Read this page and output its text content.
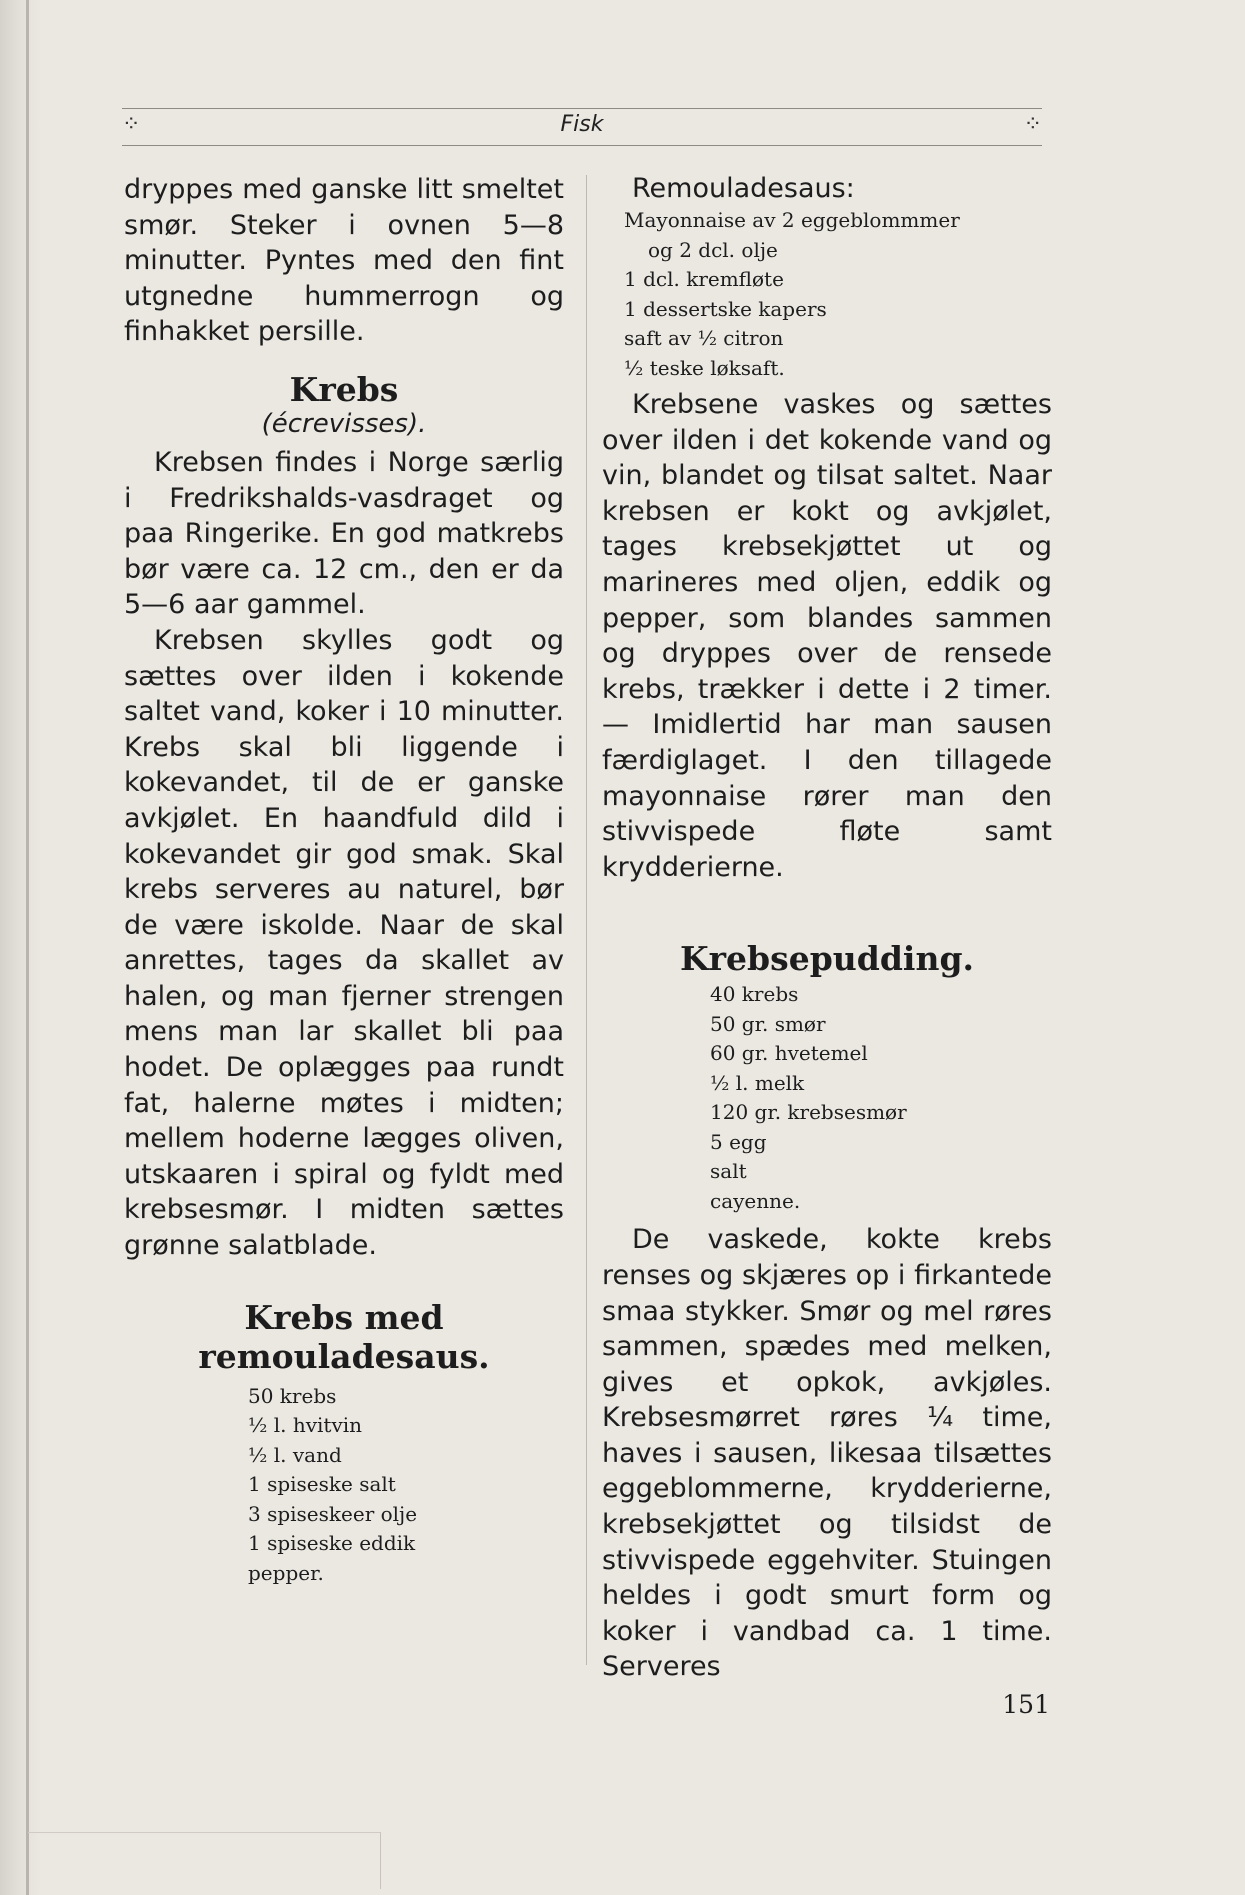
⁘	Fisk	⁘

dryppes med ganske litt smeltet smør. Steker i ovnen 5—8 minutter. Pyntes med den fint utgnedne hummerrogn og finhakket persille.

Krebs

(écrevisses).

Krebsen findes i Norge særlig i Fredrikshalds-vasdraget og paa Ringerike. En god matkrebs bør være ca. 12 cm., den er da 5—6 aar gammel.

Krebsen skylles godt og sættes over ilden i kokende saltet vand, koker i 10 minutter. Krebs skal bli liggende i kokevandet, til de er ganske avkjølet. En haandfuld dild i kokevandet gir god smak. Skal krebs serveres au naturel, bør de være iskolde. Naar de skal anrettes, tages da skallet av halen, og man fjerner strengen mens man lar skallet bli paa hodet. De oplægges paa rundt fat, halerne møtes i midten; mellem hoderne lægges oliven, utskaaren i spiral og fyldt med krebsesmør. I midten sættes grønne salatblade.

Krebs med remouladesaus.
50 krebs
½ l. hvitvin
½ l. vand
1 spiseske salt
3 spiseskeer olje
1 spiseske eddik
pepper.

Remouladesaus:

Mayonnaise av 2 eggeblommmer
og 2 dcl. olje
1 dcl. kremfløte
1 dessertske kapers
saft av ½ citron
½ teske løksaft.

Krebsene vaskes og sættes over ilden i det kokende vand og vin, blandet og tilsat saltet. Naar krebsen er kokt og avkjølet, tages krebsekjøttet ut og marineres med oljen, eddik og pepper, som blandes sammen og dryppes over de rensede krebs, trækker i dette i 2 timer. — Imidlertid har man sausen færdiglaget. I den tillagede mayonnaise rører man den stivvispede fløte samt krydderierne.

Krebsepudding.
40 krebs
50 gr. smør
60 gr. hvetemel
½ l. melk
120 gr. krebsesmør
5 egg
salt
cayenne.

De vaskede, kokte krebs renses og skjæres op i firkantede smaa stykker. Smør og mel røres sammen, spædes med melken, gives et opkok, avkjøles. Krebsesmørret røres ¼ time, haves i sausen, likesaa tilsættes eggeblommerne, krydderierne, krebsekjøttet og tilsidst de stivvispede eggehviter. Stuingen heldes i godt smurt form og koker i vandbad ca. 1 time. Serveres

151
